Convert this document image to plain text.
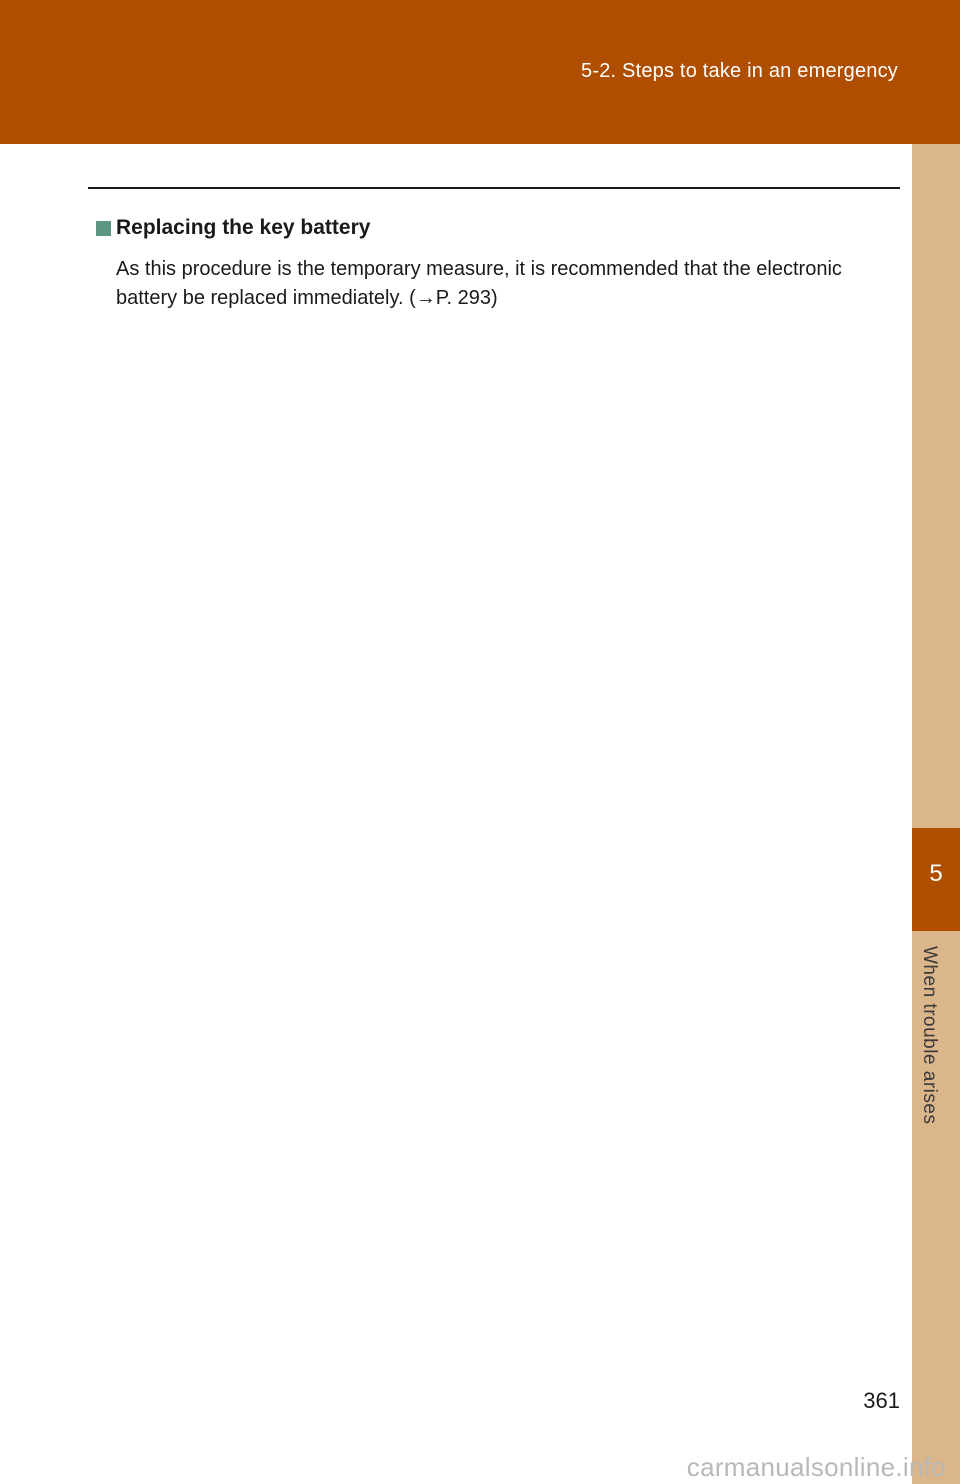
5-2. Steps to take in an emergency
5
When trouble arises
Replacing the key battery
As this procedure is the temporary measure, it is recommended that the electronic battery be replaced immediately. (→P. 293)
361
carmanualsonline.info
